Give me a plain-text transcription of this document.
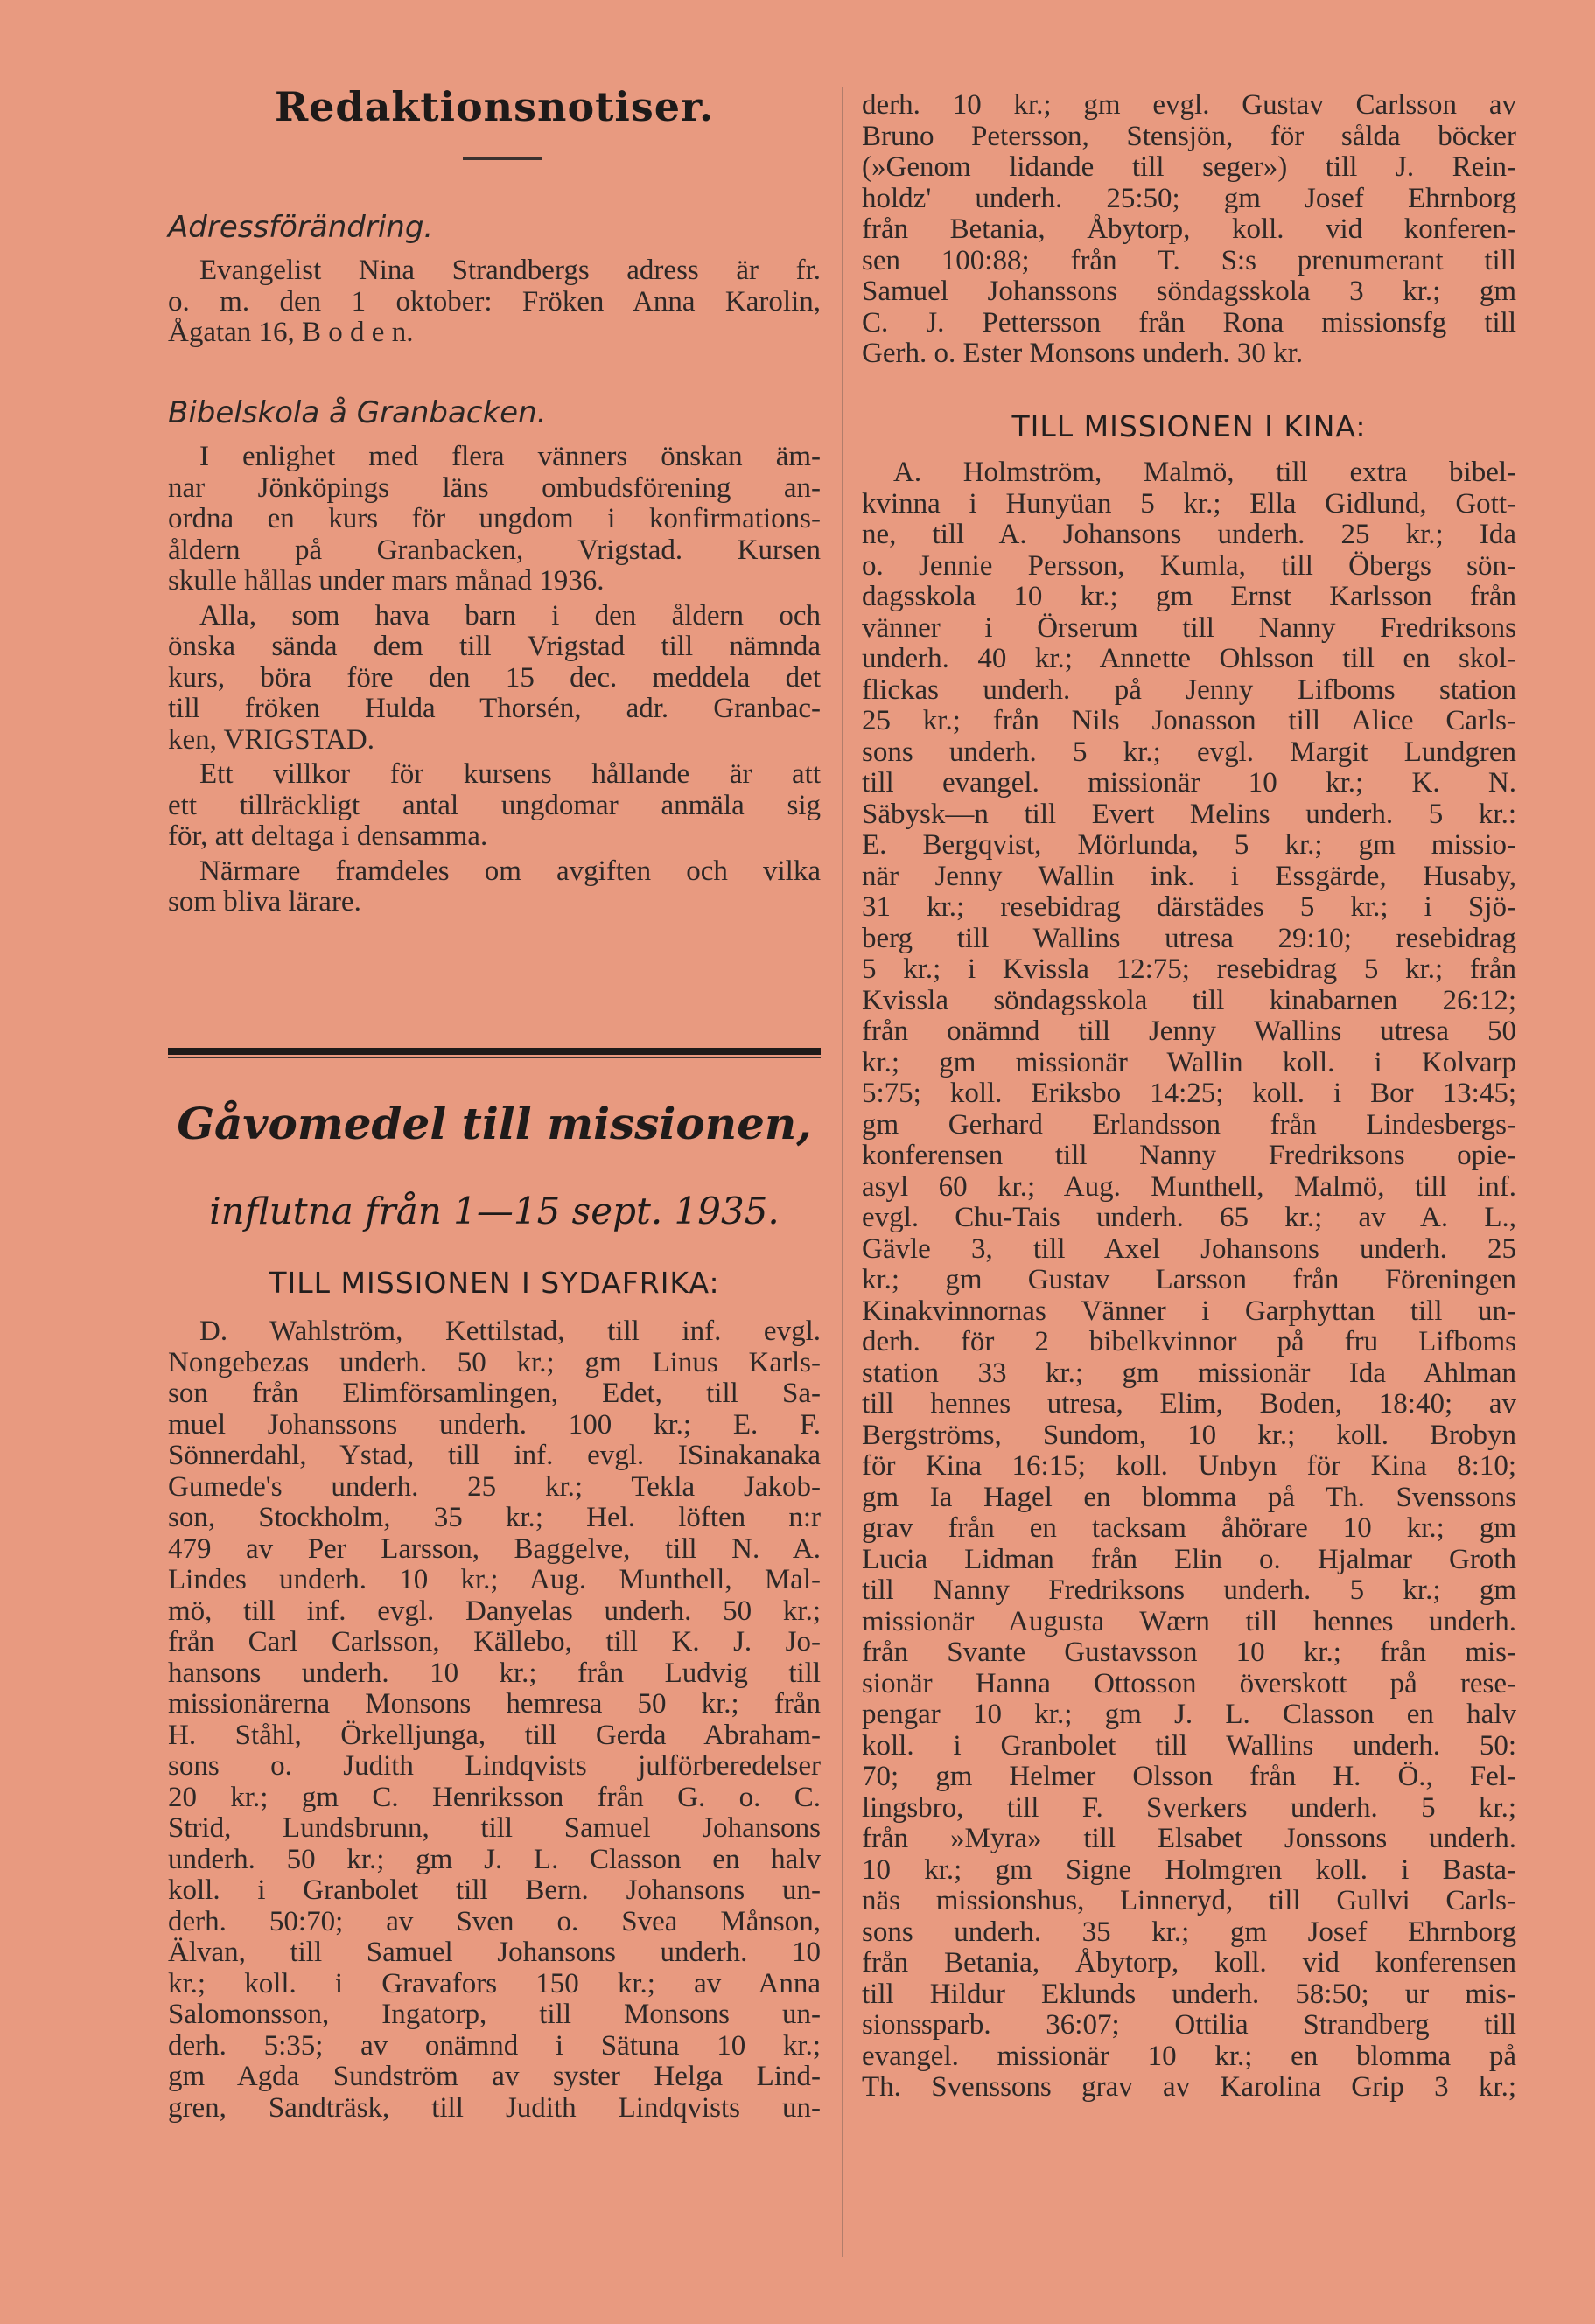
Redaktionsnotiser.
Adressförändring.
Evangelist Nina Strandbergs adress är fr.
o. m. den 1 oktober: Fröken Anna Karolin,
Ågatan 16, B o d e n.
Bibelskola å Granbacken.
I enlighet med flera vänners önskan äm-
nar Jönköpings läns ombudsförening an-
ordna en kurs för ungdom i konfirmations-
åldern på Granbacken, Vrigstad. Kursen
skulle hållas under mars månad 1936.
Alla, som hava barn i den åldern och
önska sända dem till Vrigstad till nämnda
kurs, böra före den 15 dec. meddela det
till fröken Hulda Thorsén, adr. Granbac-
ken, VRIGSTAD.
Ett villkor för kursens hållande är att
ett tillräckligt antal ungdomar anmäla sig
för, att deltaga i densamma.
Närmare framdeles om avgiften och vilka
som bliva lärare.
Gåvomedel till missionen,
influtna från 1—15 sept. 1935.
TILL MISSIONEN I SYDAFRIKA:
D. Wahlström, Kettilstad, till inf. evgl.
Nongebezas underh. 50 kr.; gm Linus Karls-
son från Elimförsamlingen, Edet, till Sa-
muel Johanssons underh. 100 kr.; E. F.
Sönnerdahl, Ystad, till inf. evgl. ISinakanaka
Gumede's underh. 25 kr.; Tekla Jakob-
son, Stockholm, 35 kr.; Hel. löften n:r
479 av Per Larsson, Baggelve, till N. A.
Lindes underh. 10 kr.; Aug. Munthell, Mal-
mö, till inf. evgl. Danyelas underh. 50 kr.;
från Carl Carlsson, Källebo, till K. J. Jo-
hansons underh. 10 kr.; från Ludvig till
missionärerna Monsons hemresa 50 kr.; från
H. Ståhl, Örkelljunga, till Gerda Abraham-
sons o. Judith Lindqvists julförberedelser
20 kr.; gm C. Henriksson från G. o. C.
Strid, Lundsbrunn, till Samuel Johansons
underh. 50 kr.; gm J. L. Classon en halv
koll. i Granbolet till Bern. Johansons un-
derh. 50:70; av Sven o. Svea Månson,
Älvan, till Samuel Johansons underh. 10
kr.; koll. i Gravafors 150 kr.; av Anna
Salomonsson, Ingatorp, till Monsons un-
derh. 5:35; av onämnd i Sätuna 10 kr.;
gm Agda Sundström av syster Helga Lind-
gren, Sandträsk, till Judith Lindqvists un-
derh. 10 kr.; gm evgl. Gustav Carlsson av
Bruno Petersson, Stensjön, för sålda böcker
(»Genom lidande till seger») till J. Rein-
holdz' underh. 25:50; gm Josef Ehrnborg
från Betania, Åbytorp, koll. vid konferen-
sen 100:88; från T. S:s prenumerant till
Samuel Johanssons söndagsskola 3 kr.; gm
C. J. Pettersson från Rona missionsfg till
Gerh. o. Ester Monsons underh. 30 kr.
TILL MISSIONEN I KINA:
A. Holmström, Malmö, till extra bibel-
kvinna i Hunyüan 5 kr.; Ella Gidlund, Gott-
ne, till A. Johansons underh. 25 kr.; Ida
o. Jennie Persson, Kumla, till Öbergs sön-
dagsskola 10 kr.; gm Ernst Karlsson från
vänner i Örserum till Nanny Fredriksons
underh. 40 kr.; Annette Ohlsson till en skol-
flickas underh. på Jenny Lifboms station
25 kr.; från Nils Jonasson till Alice Carls-
sons underh. 5 kr.; evgl. Margit Lundgren
till evangel. missionär 10 kr.; K. N.
Säbysk—n till Evert Melins underh. 5 kr.:
E. Bergqvist, Mörlunda, 5 kr.; gm missio-
när Jenny Wallin ink. i Essgärde, Husaby,
31 kr.; resebidrag därstädes 5 kr.; i Sjö-
berg till Wallins utresa 29:10; resebidrag
5 kr.; i Kvissla 12:75; resebidrag 5 kr.; från
Kvissla söndagsskola till kinabarnen 26:12;
från onämnd till Jenny Wallins utresa 50
kr.; gm missionär Wallin koll. i Kolvarp
5:75; koll. Eriksbo 14:25; koll. i Bor 13:45;
gm Gerhard Erlandsson från Lindesbergs-
konferensen till Nanny Fredriksons opie-
asyl 60 kr.; Aug. Munthell, Malmö, till inf.
evgl. Chu-Tais underh. 65 kr.; av A. L.,
Gävle 3, till Axel Johansons underh. 25
kr.; gm Gustav Larsson från Föreningen
Kinakvinnornas Vänner i Garphyttan till un-
derh. för 2 bibelkvinnor på fru Lifboms
station 33 kr.; gm missionär Ida Ahlman
till hennes utresa, Elim, Boden, 18:40; av
Bergströms, Sundom, 10 kr.; koll. Brobyn
för Kina 16:15; koll. Unbyn för Kina 8:10;
gm Ia Hagel en blomma på Th. Svenssons
grav från en tacksam åhörare 10 kr.; gm
Lucia Lidman från Elin o. Hjalmar Groth
till Nanny Fredriksons underh. 5 kr.; gm
missionär Augusta Wærn till hennes underh.
från Svante Gustavsson 10 kr.; från mis-
sionär Hanna Ottosson överskott på rese-
pengar 10 kr.; gm J. L. Classon en halv
koll. i Granbolet till Wallins underh. 50:
70; gm Helmer Olsson från H. Ö., Fel-
lingsbro, till F. Sverkers underh. 5 kr.;
från »Myra» till Elsabet Jonssons underh.
10 kr.; gm Signe Holmgren koll. i Basta-
näs missionshus, Linneryd, till Gullvi Carls-
sons underh. 35 kr.; gm Josef Ehrnborg
från Betania, Åbytorp, koll. vid konferensen
till Hildur Eklunds underh. 58:50; ur mis-
sionssparb. 36:07; Ottilia Strandberg till
evangel. missionär 10 kr.; en blomma på
Th. Svenssons grav av Karolina Grip 3 kr.;
